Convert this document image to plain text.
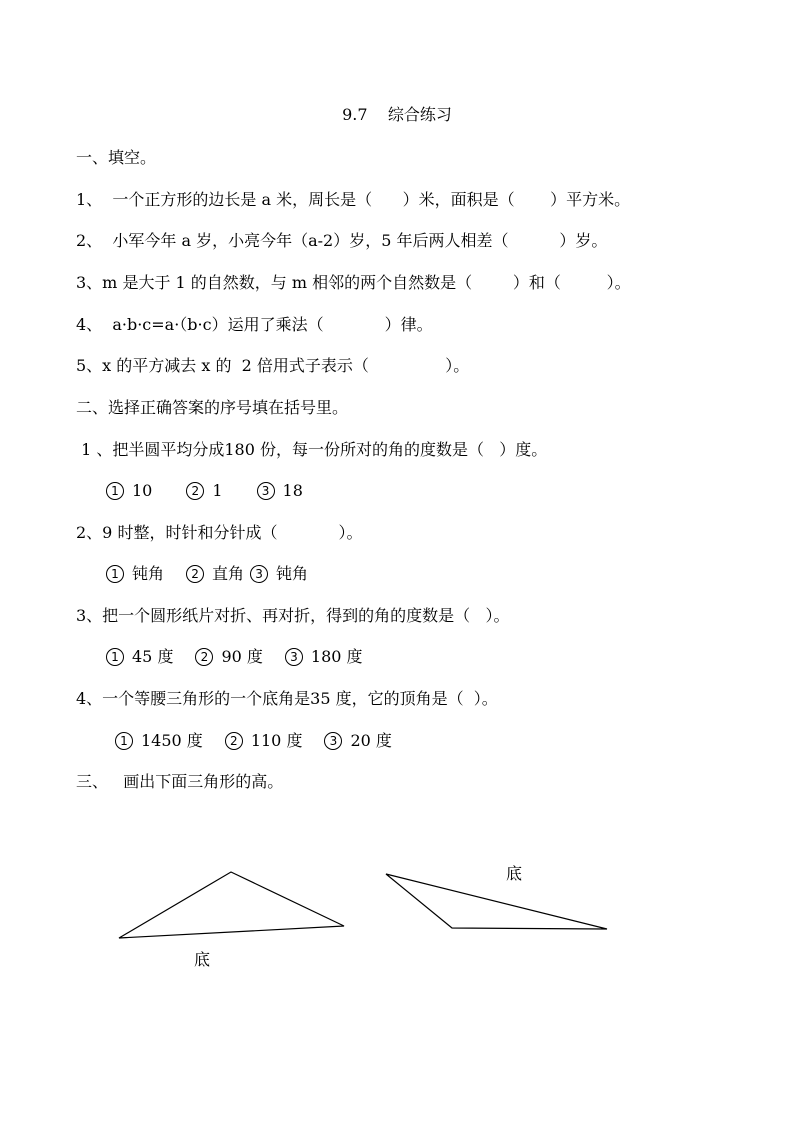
9.7    综合练习
一、填空。
1、  一个正方形的边长是 a 米，周长是（      ）米，面积是（       ）平方米。
2、  小军今年 a 岁，小亮今年（a-2）岁，5 年后两人相差（          ）岁。
3、m 是大于 1 的自然数，与 m 相邻的两个自然数是（        ）和（         ）。
4、  a·b·c=a·（b·c）运用了乘法（            ）律。
5、x 的平方减去 x 的  2 倍用式子表示（               ）。
二、选择正确答案的序号填在括号里。
1 、把半圆平均分成180 份，每一份所对的角的度数是（   ）度。
1 10	2 1	3 18
2、9 时整，时针和分针成（            ）。
1 钝角	2 直角 3 钝角
3、把一个圆形纸片对折、再对折，得到的角的度数是（   ）。
1 45 度	2 90 度	3 180 度
4、一个等腰三角形的一个底角是35 度，它的顶角是（  ）。
1 1450 度	2 110 度	3 20 度
三、   画出下面三角形的高。
底
底
